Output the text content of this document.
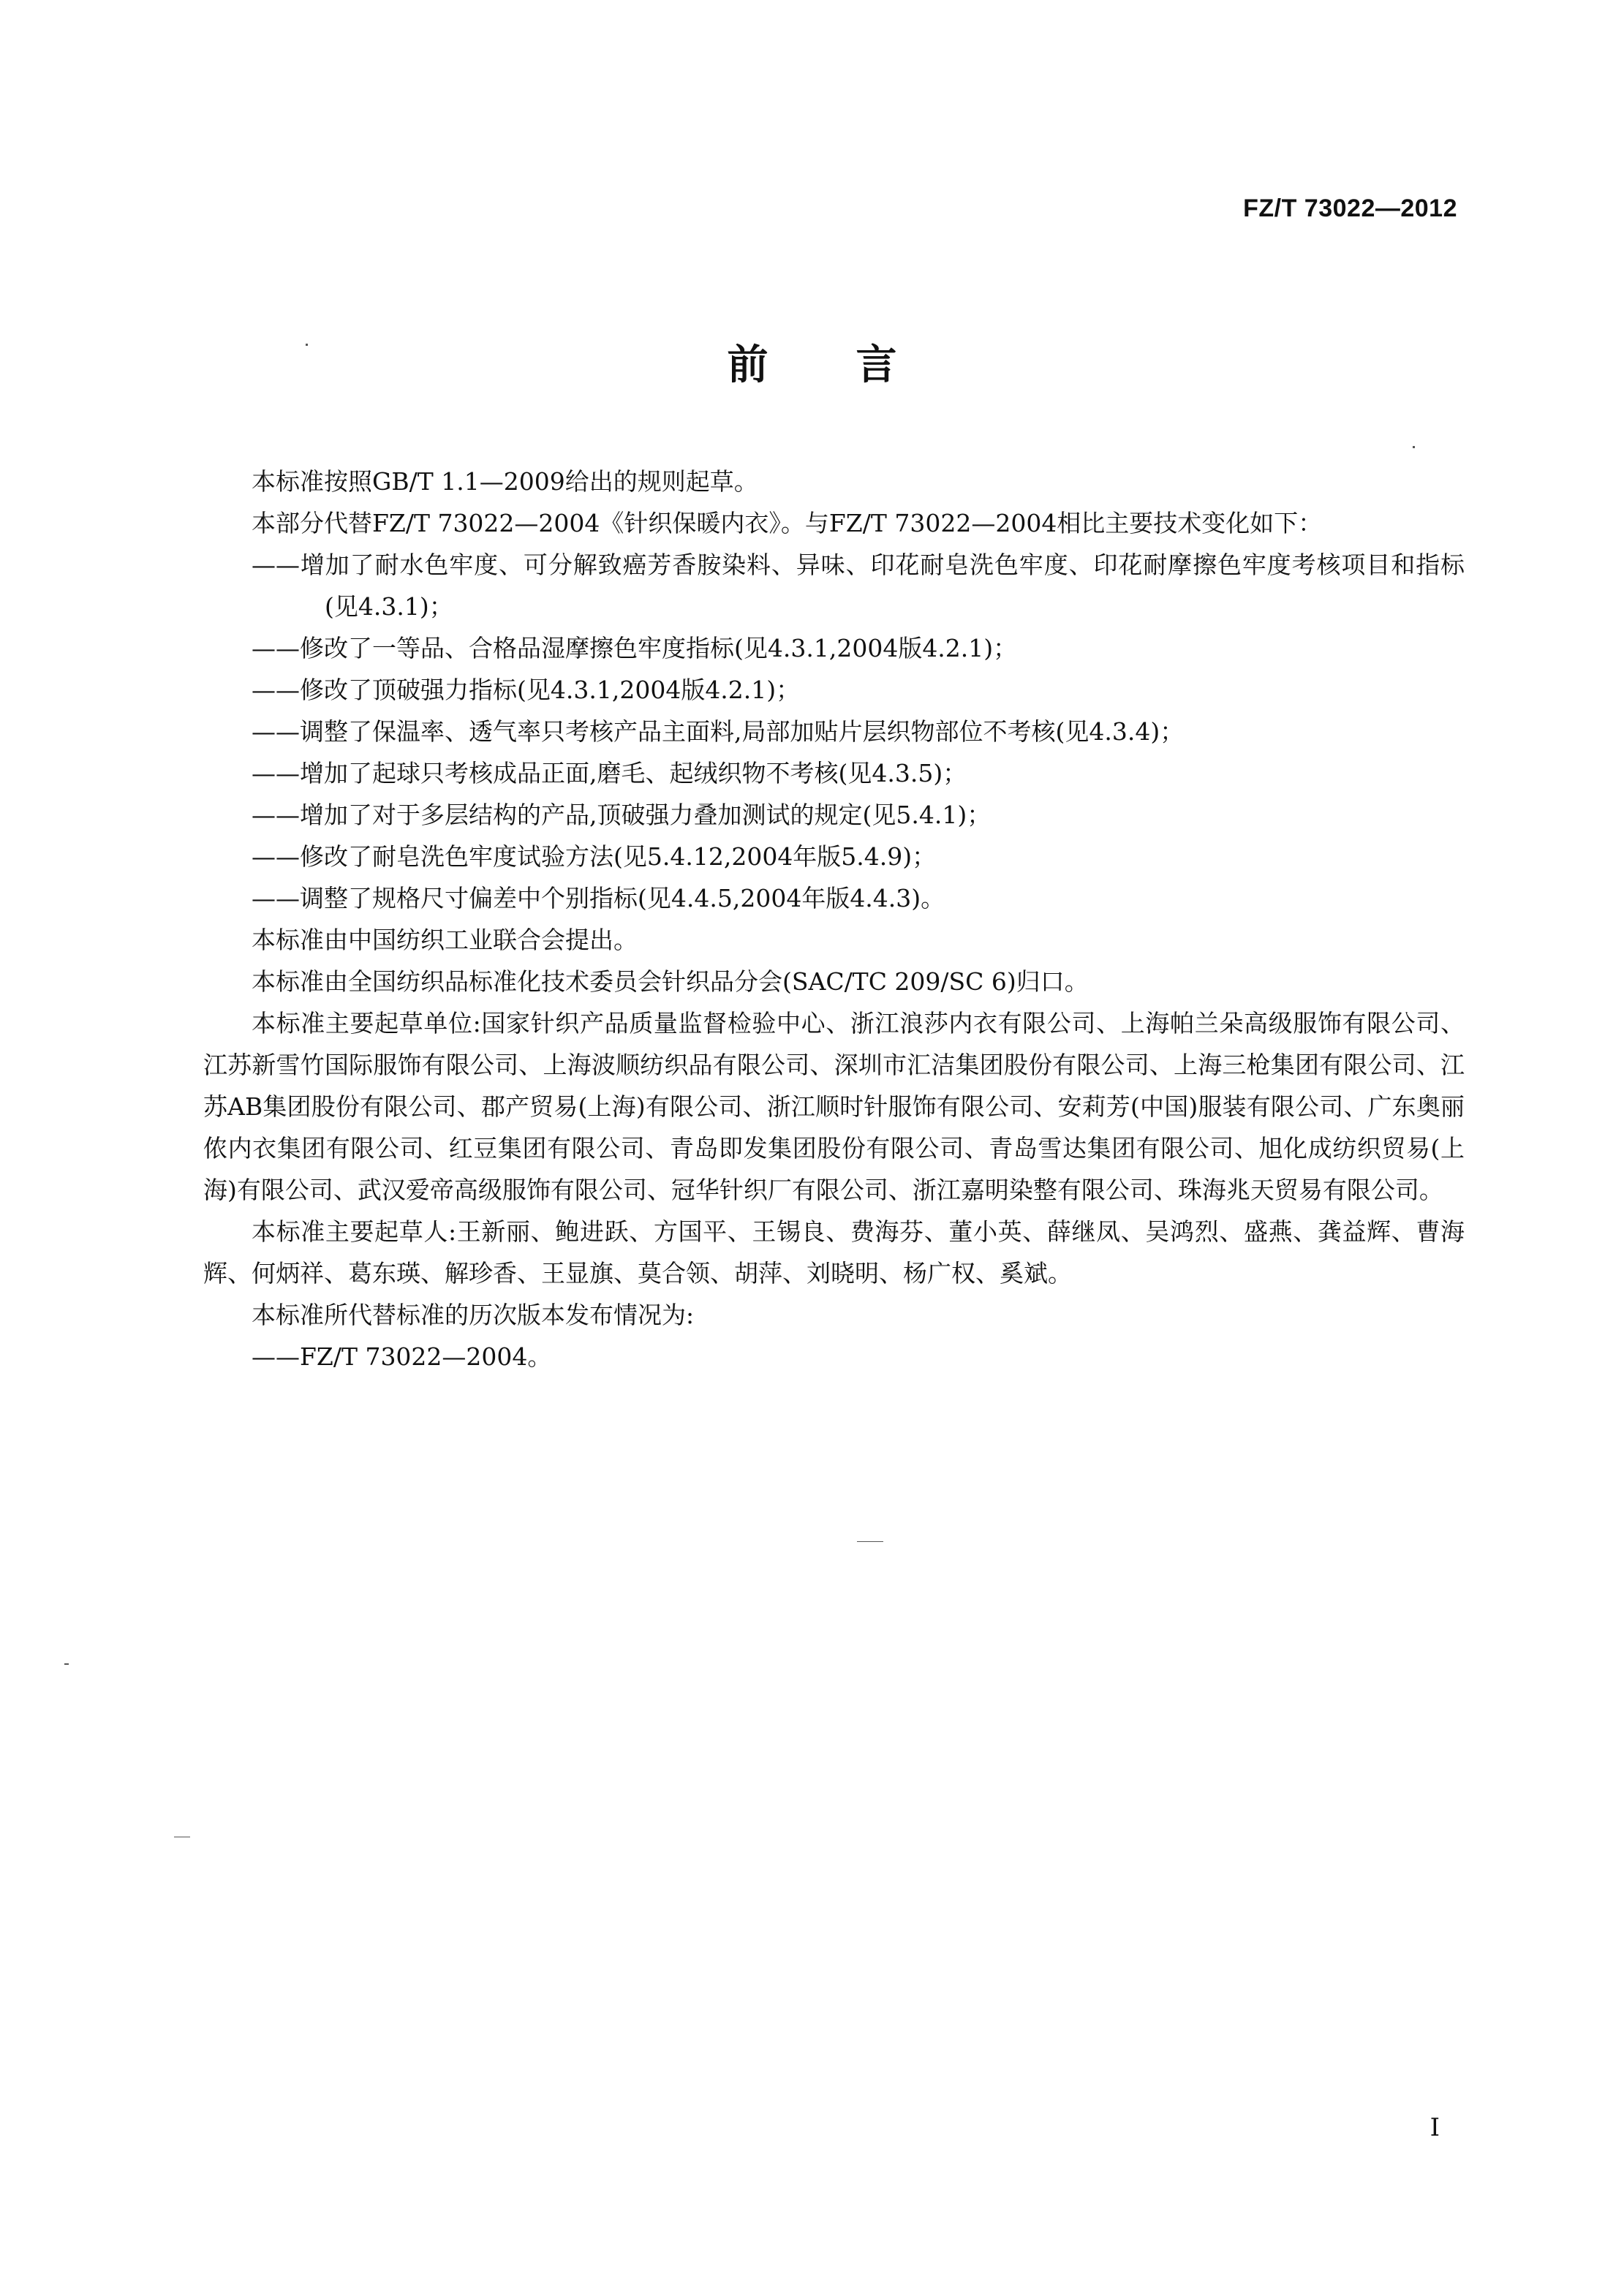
FZ/T 73022—2012
前言

本标准按照GB/T 1.1—2009给出的规则起草。

本部分代替FZ/T 73022—2004《针织保暖内衣》。与FZ/T 73022—2004相比主要技术变化如下：

——增加了耐水色牢度、可分解致癌芳香胺染料、异味、印花耐皂洗色牢度、印花耐摩擦色牢度考核项目和指标(见4.3.1)；

——修改了一等品、合格品湿摩擦色牢度指标(见4.3.1,2004版4.2.1)；

——修改了顶破强力指标(见4.3.1,2004版4.2.1)；

——调整了保温率、透气率只考核产品主面料,局部加贴片层织物部位不考核(见4.3.4)；

——增加了起球只考核成品正面,磨毛、起绒织物不考核(见4.3.5)；

——增加了对于多层结构的产品,顶破强力叠加测试的规定(见5.4.1)；

——修改了耐皂洗色牢度试验方法(见5.4.12,2004年版5.4.9)；

——调整了规格尺寸偏差中个别指标(见4.4.5,2004年版4.4.3)。

本标准由中国纺织工业联合会提出。

本标准由全国纺织品标准化技术委员会针织品分会(SAC/TC 209/SC 6)归口。

本标准主要起草单位:国家针织产品质量监督检验中心、浙江浪莎内衣有限公司、上海帕兰朵高级服饰有限公司、江苏新雪竹国际服饰有限公司、上海波顺纺织品有限公司、深圳市汇洁集团股份有限公司、上海三枪集团有限公司、江苏AB集团股份有限公司、郡产贸易(上海)有限公司、浙江顺时针服饰有限公司、安莉芳(中国)服装有限公司、广东奥丽侬内衣集团有限公司、红豆集团有限公司、青岛即发集团股份有限公司、青岛雪达集团有限公司、旭化成纺织贸易(上海)有限公司、武汉爱帝高级服饰有限公司、冠华针织厂有限公司、浙江嘉明染整有限公司、珠海兆天贸易有限公司。

本标准主要起草人:王新丽、鲍进跃、方国平、王锡良、费海芬、董小英、薛继凤、吴鸿烈、盛燕、龚益辉、曹海辉、何炳祥、葛东瑛、解珍香、王显旗、莫合领、胡萍、刘晓明、杨广权、奚斌。

本标准所代替标准的历次版本发布情况为:

——FZ/T 73022—2004。

I
